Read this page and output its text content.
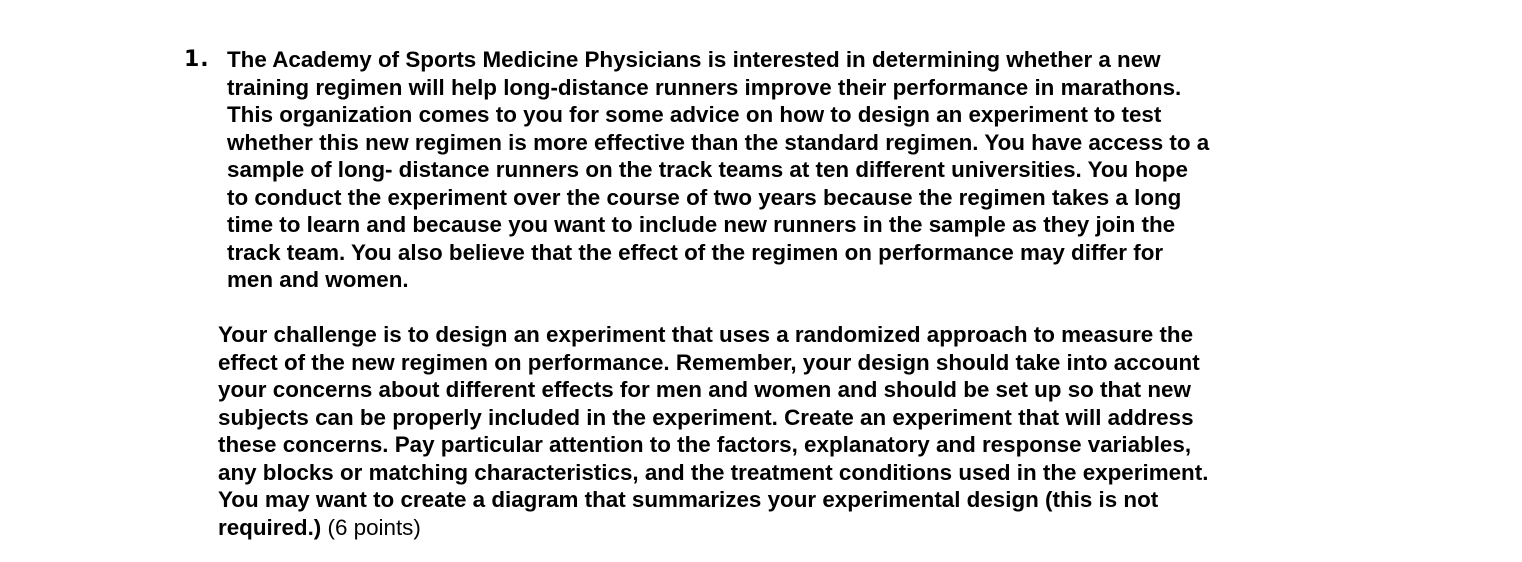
1. The Academy of Sports Medicine Physicians is interested in determining whether a new
training regimen will help long-distance runners improve their performance in marathons.
This organization comes to you for some advice on how to design an experiment to test
whether this new regimen is more effective than the standard regimen. You have access to a
sample of long- distance runners on the track teams at ten different universities. You hope
to conduct the experiment over the course of two years because the regimen takes a long
time to learn and because you want to include new runners in the sample as they join the
track team. You also believe that the effect of the regimen on performance may differ for
men and women.
Your challenge is to design an experiment that uses a randomized approach to measure the
effect of the new regimen on performance. Remember, your design should take into account
your concerns about different effects for men and women and should be set up so that new
subjects can be properly included in the experiment. Create an experiment that will address
these concerns. Pay particular attention to the factors, explanatory and response variables,
any blocks or matching characteristics, and the treatment conditions used in the experiment.
You may want to create a diagram that summarizes your experimental design (this is not
required.) (6 points)
